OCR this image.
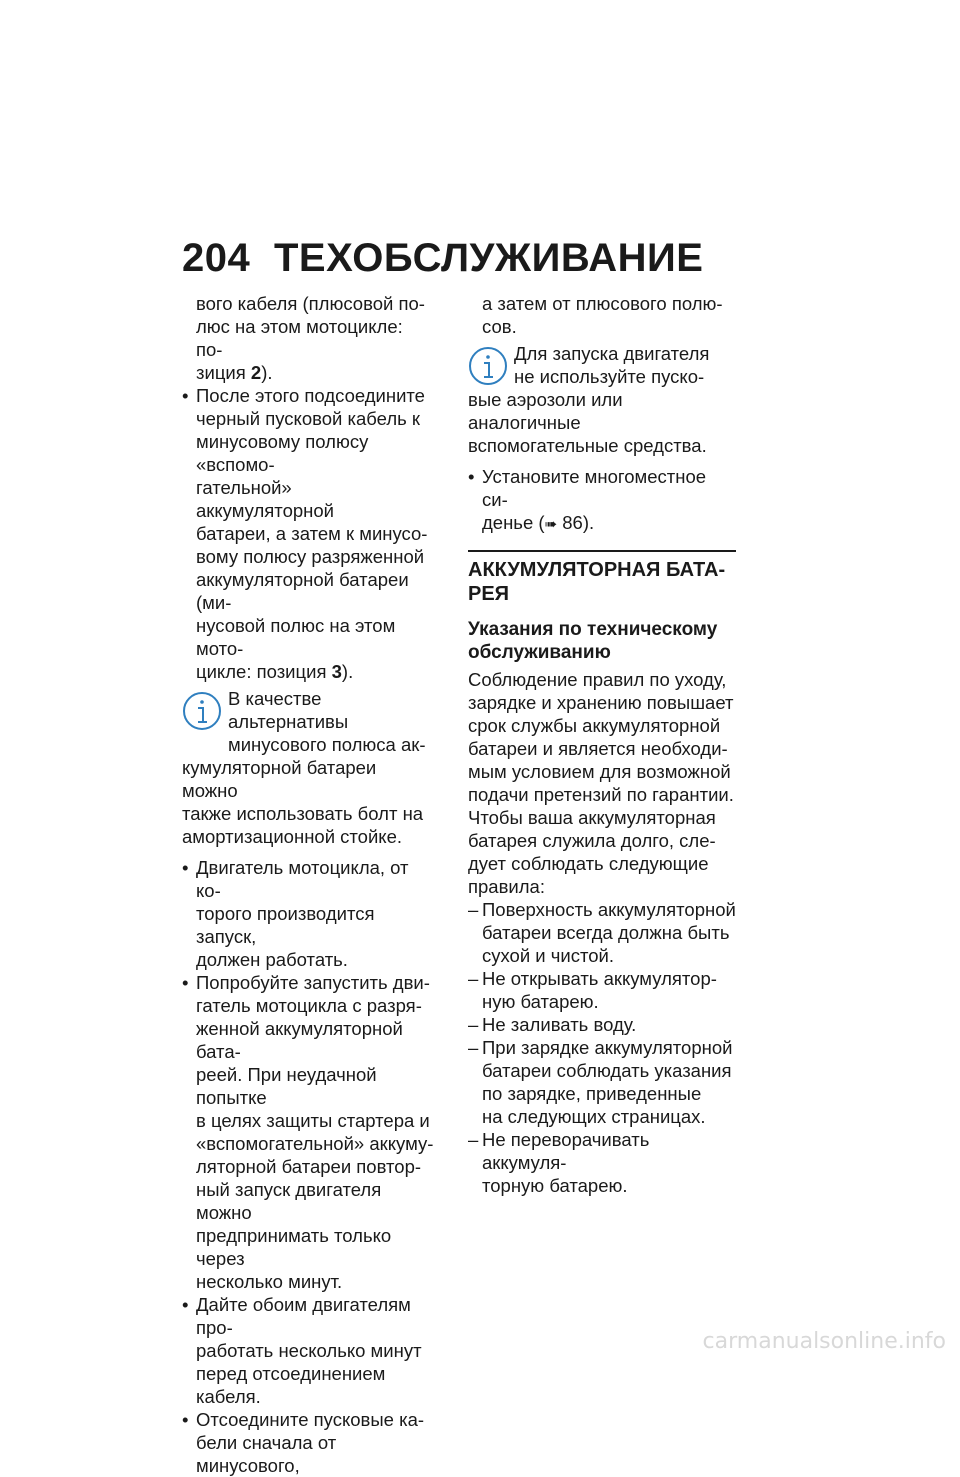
204 ТЕХОБСЛУЖИВАНИЕ
вого кабеля (плюсовой по-
люс на этом мотоцикле: по-
зиция 2).
• После этого подсоедините
черный пусковой кабель к
минусовому полюсу «вспомо-
гательной» аккумуляторной
батареи, а затем к минусо-
вому полюсу разряженной
аккумуляторной батареи (ми-
нусовой полюс на этом мото-
цикле: позиция 3).
В качестве альтернативы
минусового полюса ак-
кумуляторной батареи можно
также использовать болт на
амортизационной стойке.
• Двигатель мотоцикла, от ко-
торого производится запуск,
должен работать.
• Попробуйте запустить дви-
гатель мотоцикла с разря-
женной аккумуляторной бата-
реей. При неудачной попытке
в целях защиты стартера и
«вспомогательной» аккуму-
ляторной батареи повтор-
ный запуск двигателя можно
предпринимать только через
несколько минут.
• Дайте обоим двигателям про-
работать несколько минут
перед отсоединением кабеля.
• Отсоедините пусковые ка-
бели сначала от минусового,
а затем от плюсового полю-
сов.
Для запуска двигателя
не используйте пуско-
вые аэрозоли или аналогичные
вспомогательные средства.
• Установите многоместное си-
денье (➠ 86).
АККУМУЛЯТОРНАЯ БАТА-
РЕЯ
Указания по техническому
обслуживанию
Соблюдение правил по уходу,
зарядке и хранению повышает
срок службы аккумуляторной
батареи и является необходи-
мым условием для возможной
подачи претензий по гарантии.
Чтобы ваша аккумуляторная
батарея служила долго, сле-
дует соблюдать следующие
правила:
– Поверхность аккумуляторной
батареи всегда должна быть
сухой и чистой.
– Не открывать аккумулятор-
ную батарею.
– Не заливать воду.
– При зарядке аккумуляторной
батареи соблюдать указания
по зарядке, приведенные
на следующих страницах.
– Не переворачивать аккумуля-
торную батарею.
carmanualsonline.info
